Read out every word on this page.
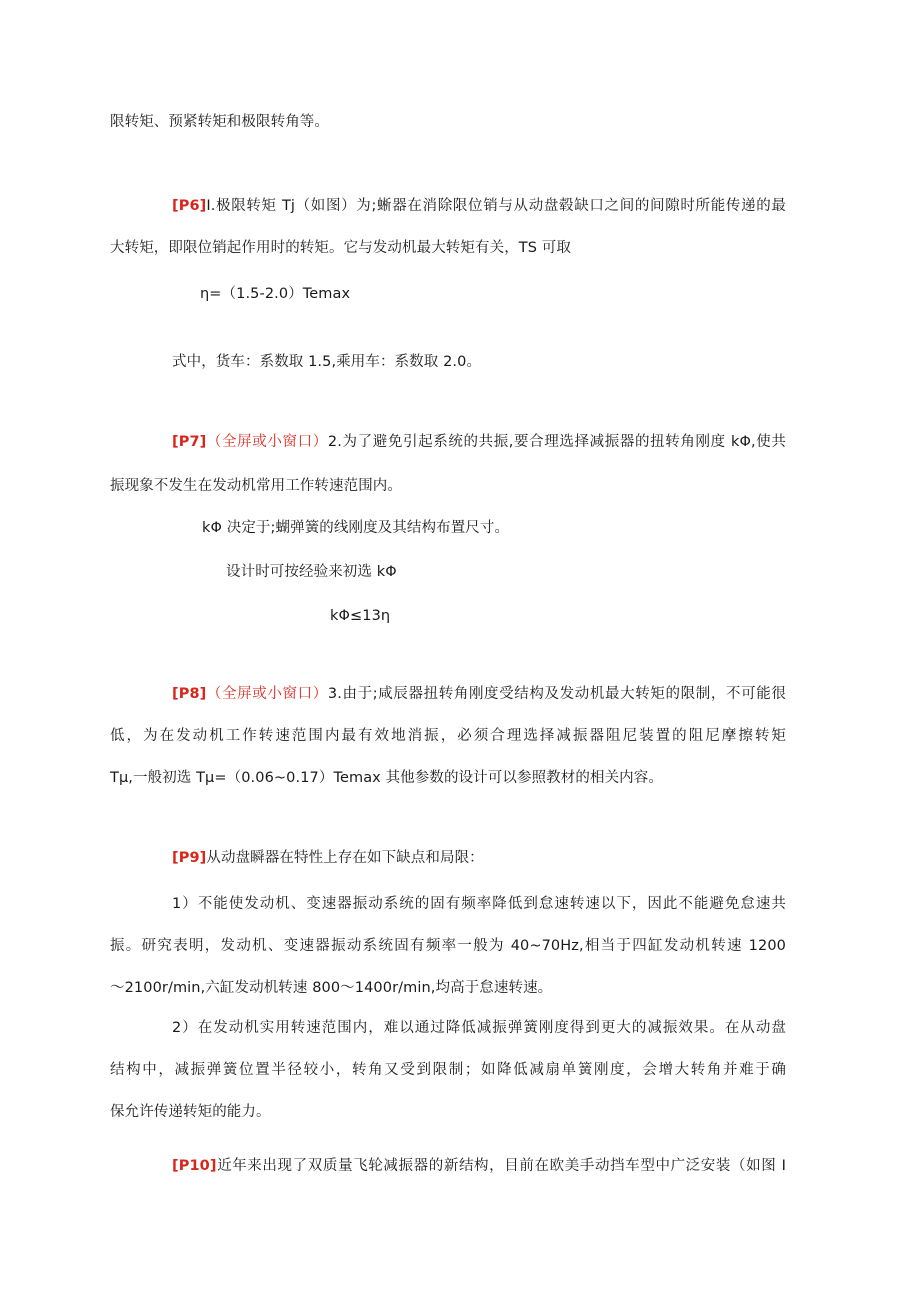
限转矩、预紧转矩和极限转角等。
[P6]I.极限转矩 Tj（如图）为;蜥器在消除限位销与从动盘毂缺口之间的间隙时所能传递的最
大转矩，即限位销起作用时的转矩。它与发动机最大转矩有关，TS 可取
η=（1.5-2.0）Temax
式中，货车：系数取 1.5,乘用车：系数取 2.0。
[P7]（全屏或小窗口）2.为了避免引起系统的共振,要合理选择减振器的扭转角刚度 kΦ,使共
振现象不发生在发动机常用工作转速范围内。
kΦ 决定于;蝴弹簧的线刚度及其结构布置尺寸。
设计时可按经验来初选 kΦ
kΦ≤13η
[P8]（全屏或小窗口）3.由于;咸辰器扭转角刚度受结构及发动机最大转矩的限制，不可能很
低，为在发动机工作转速范围内最有效地消振，必须合理选择减振器阻尼装置的阻尼摩擦转矩
Tμ,一般初选 Tμ=（0.06~0.17）Temax 其他参数的设计可以参照教材的相关内容。
[P9]从动盘瞬器在特性上存在如下缺点和局限：
1）不能使发动机、变速器振动系统的固有频率降低到怠速转速以下，因此不能避免怠速共
振。研究表明，发动机、变速器振动系统固有频率一般为 40~70Hz,相当于四缸发动机转速 1200
～2100r/min,六缸发动机转速 800～1400r/min,均高于怠速转速。
2）在发动机实用转速范围内，难以通过降低减振弹簧刚度得到更大的减振效果。在从动盘
结构中，减振弹簧位置半径较小，转角又受到限制；如降低减扇单簧刚度，会增大转角并难于确
保允许传递转矩的能力。
[P10]近年来出现了双质量飞轮减振器的新结构，目前在欧美手动挡车型中广泛安装（如图 I
